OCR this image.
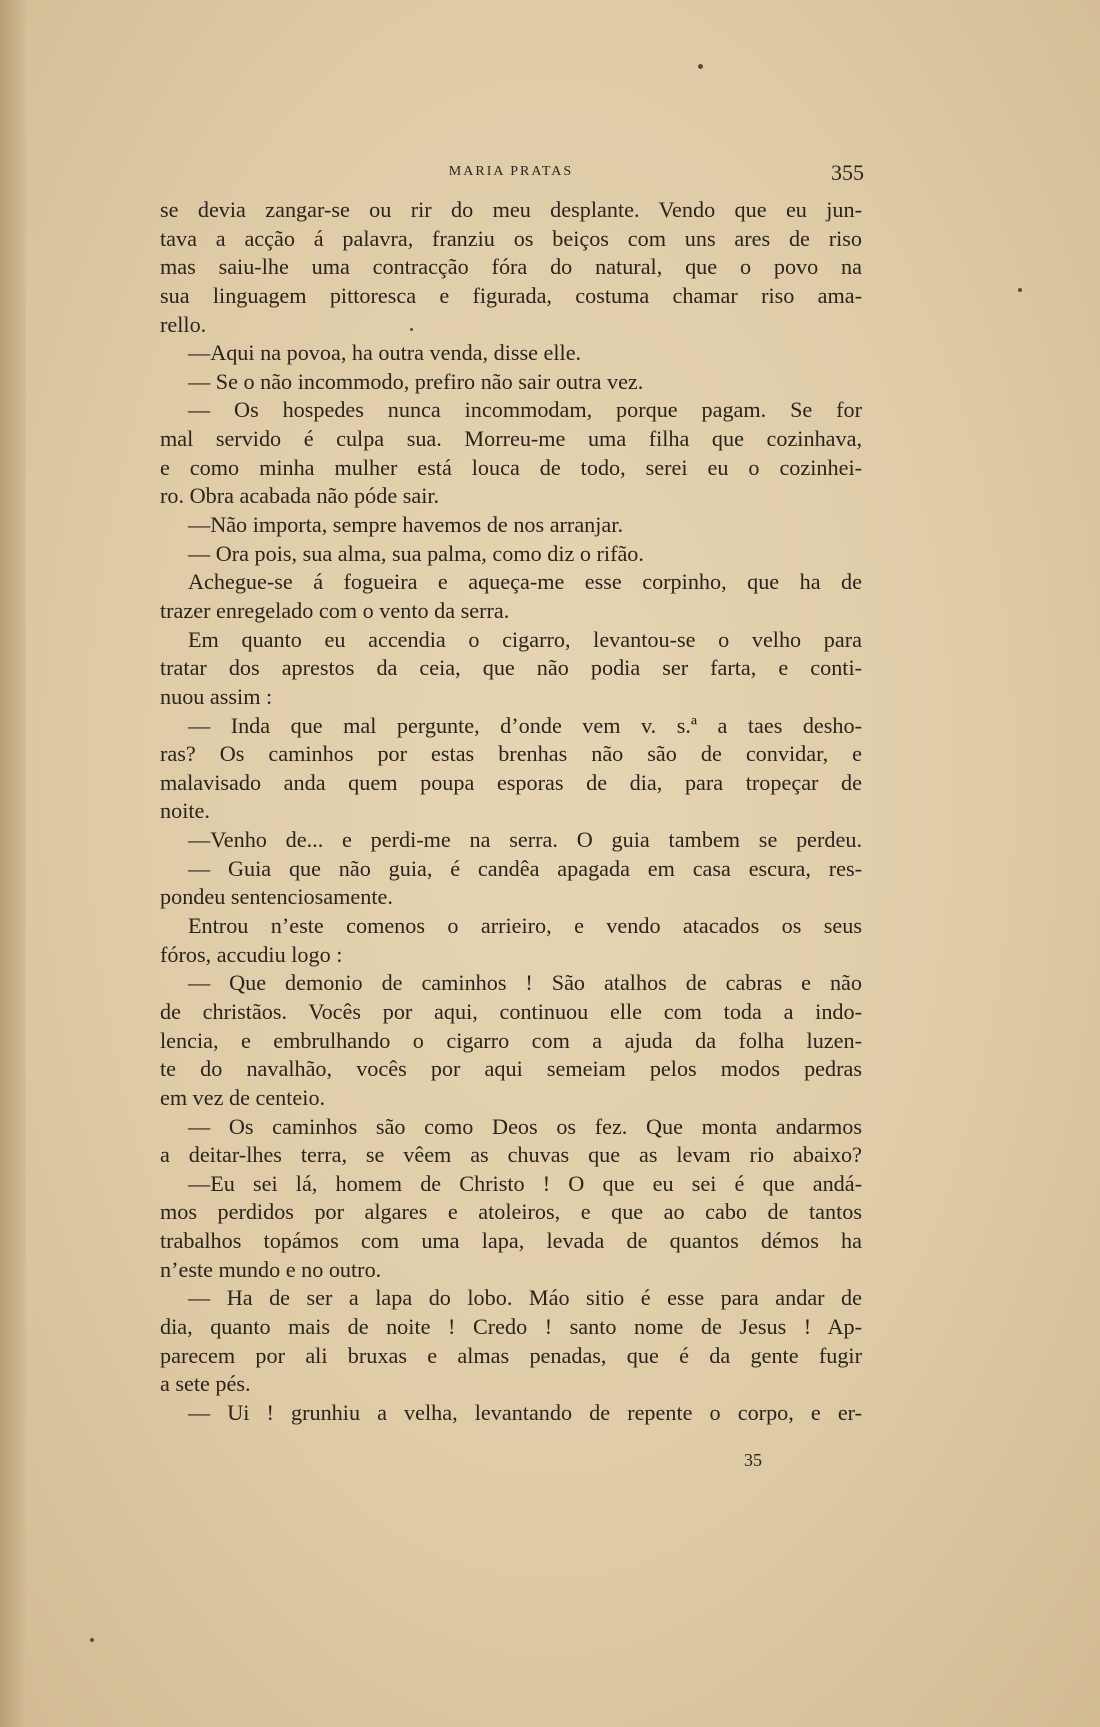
MARIA PRATAS	355
se devia zangar-se ou rir do meu desplante. Vendo que eu jun-
tava a acção á palavra, franziu os beiços com uns ares de riso
mas saiu-lhe uma contracção fóra do natural, que o povo na
sua linguagem pittoresca e figurada, costuma chamar riso ama-
rello.
—Aqui na povoa, ha outra venda, disse elle.
— Se o não incommodo, prefiro não sair outra vez.
— Os hospedes nunca incommodam, porque pagam. Se for
mal servido é culpa sua. Morreu-me uma filha que cozinhava,
e como minha mulher está louca de todo, serei eu o cozinhei-
ro. Obra acabada não póde sair.
—Não importa, sempre havemos de nos arranjar.
— Ora pois, sua alma, sua palma, como diz o rifão.
Achegue-se á fogueira e aqueça-me esse corpinho, que ha de
trazer enregelado com o vento da serra.
Em quanto eu accendia o cigarro, levantou-se o velho para
tratar dos aprestos da ceia, que não podia ser farta, e conti-
nuou assim :
— Inda que mal pergunte, d’onde vem v. s.ª a taes desho-
ras? Os caminhos por estas brenhas não são de convidar, e
malavisado anda quem poupa esporas de dia, para tropeçar de
noite.
—Venho de... e perdi-me na serra. O guia tambem se perdeu.
— Guia que não guia, é candêa apagada em casa escura, res-
pondeu sentenciosamente.
Entrou n’este comenos o arrieiro, e vendo atacados os seus
fóros, accudiu logo :
— Que demonio de caminhos ! São atalhos de cabras e não
de christãos. Vocês por aqui, continuou elle com toda a indo-
lencia, e embrulhando o cigarro com a ajuda da folha luzen-
te do navalhão, vocês por aqui semeiam pelos modos pedras
em vez de centeio.
— Os caminhos são como Deos os fez. Que monta andarmos
a deitar-lhes terra, se vêem as chuvas que as levam rio abaixo?
—Eu sei lá, homem de Christo ! O que eu sei é que andá-
mos perdidos por algares e atoleiros, e que ao cabo de tantos
trabalhos topámos com uma lapa, levada de quantos démos ha
n’este mundo e no outro.
— Ha de ser a lapa do lobo. Máo sitio é esse para andar de
dia, quanto mais de noite ! Credo ! santo nome de Jesus ! Ap-
parecem por ali bruxas e almas penadas, que é da gente fugir
a sete pés.
— Ui ! grunhiu a velha, levantando de repente o corpo, e er-
35
